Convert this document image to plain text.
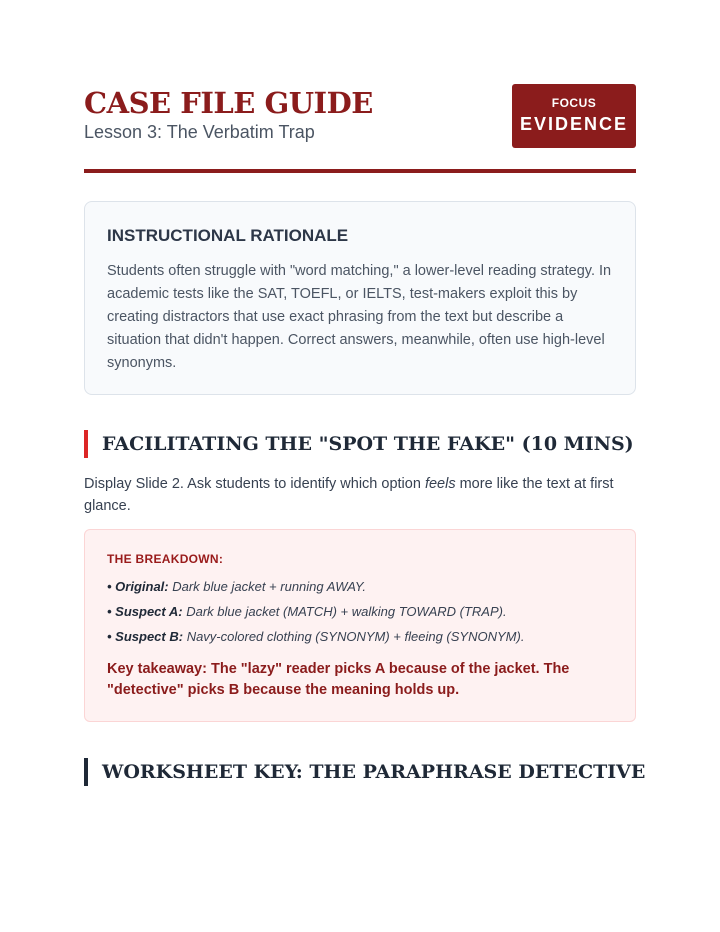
CASE FILE GUIDE
Lesson 3: The Verbatim Trap
FOCUS
EVIDENCE
INSTRUCTIONAL RATIONALE

Students often struggle with "word matching," a lower-level reading strategy. In academic tests like the SAT, TOEFL, or IELTS, test-makers exploit this by creating distractors that use exact phrasing from the text but describe a situation that didn't happen. Correct answers, meanwhile, often use high-level synonyms.

FACILITATING THE "SPOT THE FAKE" (10 MINS)
Display Slide 2. Ask students to identify which option feels more like the text at first glance.
THE BREAKDOWN:
• Original: Dark blue jacket + running AWAY.
• Suspect A: Dark blue jacket (MATCH) + walking TOWARD (TRAP).
• Suspect B: Navy-colored clothing (SYNONYM) + fleeing (SYNONYM).
Key takeaway: The "lazy" reader picks A because of the jacket. The "detective" picks B because the meaning holds up.
WORKSHEET KEY: THE PARAPHRASE DETECTIVE
